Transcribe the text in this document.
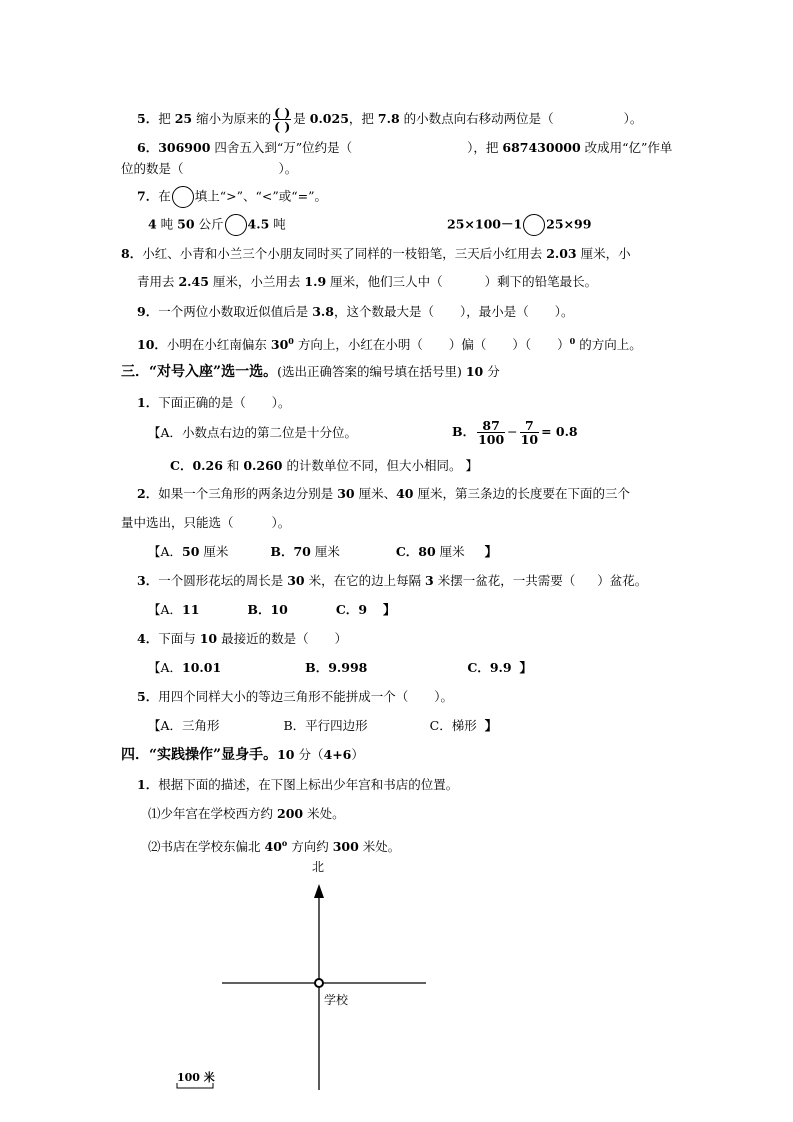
5．把 25 缩小为原来的 $\frac{( )}{( )}$ 是 0.025，把 7.8 的小数点向右移动两位是（	）。
6．306900 四舍五入到“万”位约是（	），把 687430000 改成用“亿”作单
位的数是（	）。
7．在 填上“>”、“<”或“=”。
4 吨 50 公斤 4.5 吨	25×100－1 25×99
8．小红、小青和小兰三个小朋友同时买了同样的一枝铅笔，三天后小红用去 2.03 厘米，小
青用去 2.45 厘米，小兰用去 1.9 厘米，他们三人中（	）剩下的铅笔最长。
9．一个两位小数取近似值后是 3.8，这个数最大是（ ），最小是（ ）。
10．小明在小红南偏东 $30^0$ 方向上，小红在小明（ ）偏（ ）（ ）$^0$ 的方向上。
三．“对号入座”选一选。(选出正确答案的编号填在括号里) 10 分
1．下面正确的是（ ）。
【A．小数点右边的第二位是十分位。	B． $\frac{87}{100} - \frac{7}{10} = 0.8$
C．0.26 和 0.260 的计数单位不同，但大小相同。 】
2．如果一个三角形的两条边分别是 30 厘米、40 厘米，第三条边的长度要在下面的三个
量中选出，只能选（	）。
【A．50 厘米	B．70 厘米	C．80 厘米 】
3．一个圆形花坛的周长是 30 米，在它的边上每隔 3 米摆一盆花，一共需要（ ）盆花。
【A．11	B．10	C．9 】
4．下面与 10 最接近的数是（ ）
【A．10.01	B．9.998	C．9.9 】
5．用四个同样大小的等边三角形不能拼成一个（ ）。
【A．三角形	B．平行四边形	C．梯形 】
四．“实践操作”显身手。10 分（4+6）
1．根据下面的描述，在下图上标出少年宫和书店的位置。
⑴少年宫在学校西方约 200 米处。
⑵书店在学校东偏北 40$^o$ 方向约 300 米处。
北
学校
100 米
